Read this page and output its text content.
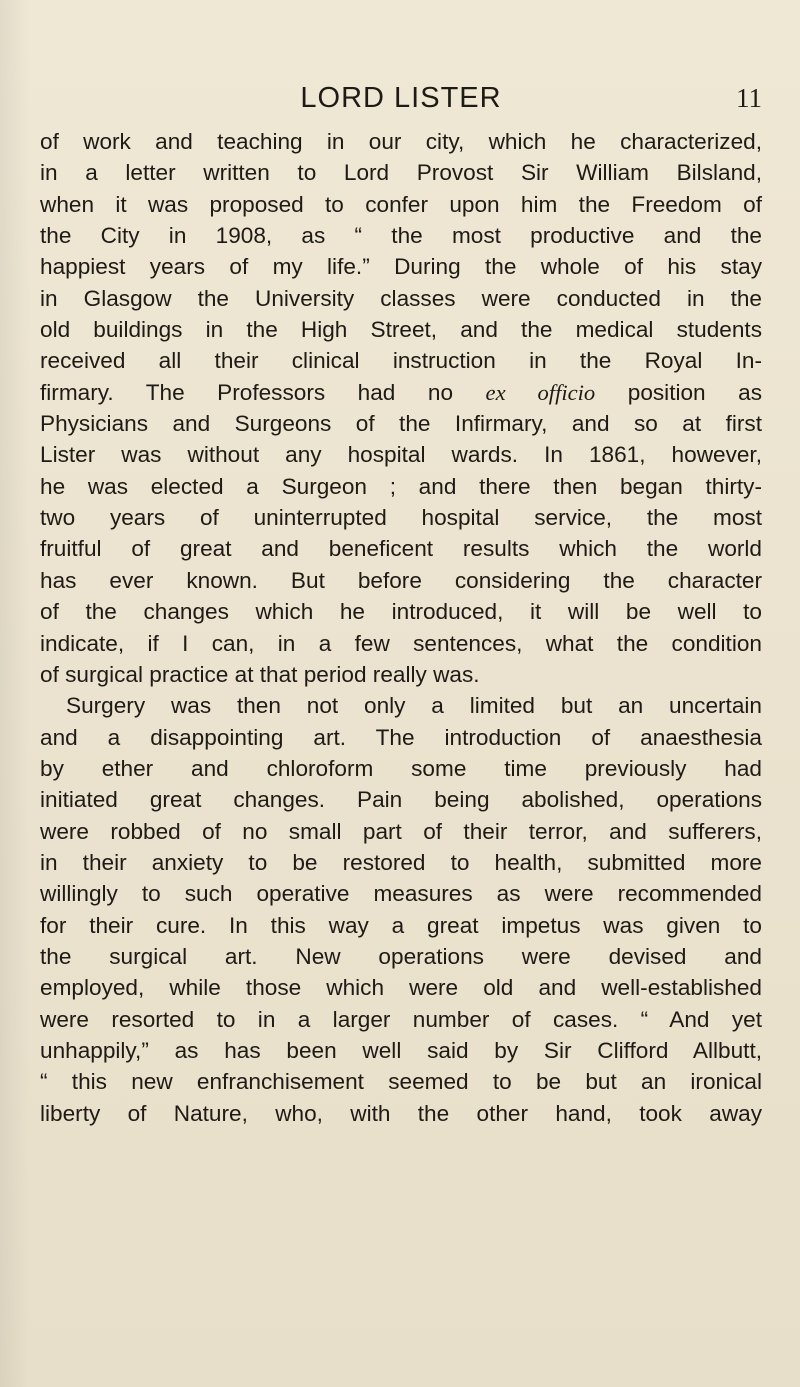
LORD LISTER	11
of work and teaching in our city, which he characterized,
in a letter written to Lord Provost Sir William Bilsland,
when it was proposed to confer upon him the Freedom of
the City in 1908, as “ the most productive and the
happiest years of my life.” During the whole of his stay
in Glasgow the University classes were conducted in the
old buildings in the High Street, and the medical students
received all their clinical instruction in the Royal In-
firmary. The Professors had no ex officio position as
Physicians and Surgeons of the Infirmary, and so at first
Lister was without any hospital wards. In 1861, however,
he was elected a Surgeon ; and there then began thirty-
two years of uninterrupted hospital service, the most
fruitful of great and beneficent results which the world
has ever known. But before considering the character
of the changes which he introduced, it will be well to
indicate, if I can, in a few sentences, what the condition
of surgical practice at that period really was.
Surgery was then not only a limited but an uncertain
and a disappointing art. The introduction of anaesthesia
by ether and chloroform some time previously had
initiated great changes. Pain being abolished, operations
were robbed of no small part of their terror, and sufferers,
in their anxiety to be restored to health, submitted more
willingly to such operative measures as were recommended
for their cure. In this way a great impetus was given to
the surgical art. New operations were devised and
employed, while those which were old and well-established
were resorted to in a larger number of cases. “ And yet
unhappily,” as has been well said by Sir Clifford Allbutt,
“ this new enfranchisement seemed to be but an ironical
liberty of Nature, who, with the other hand, took away
